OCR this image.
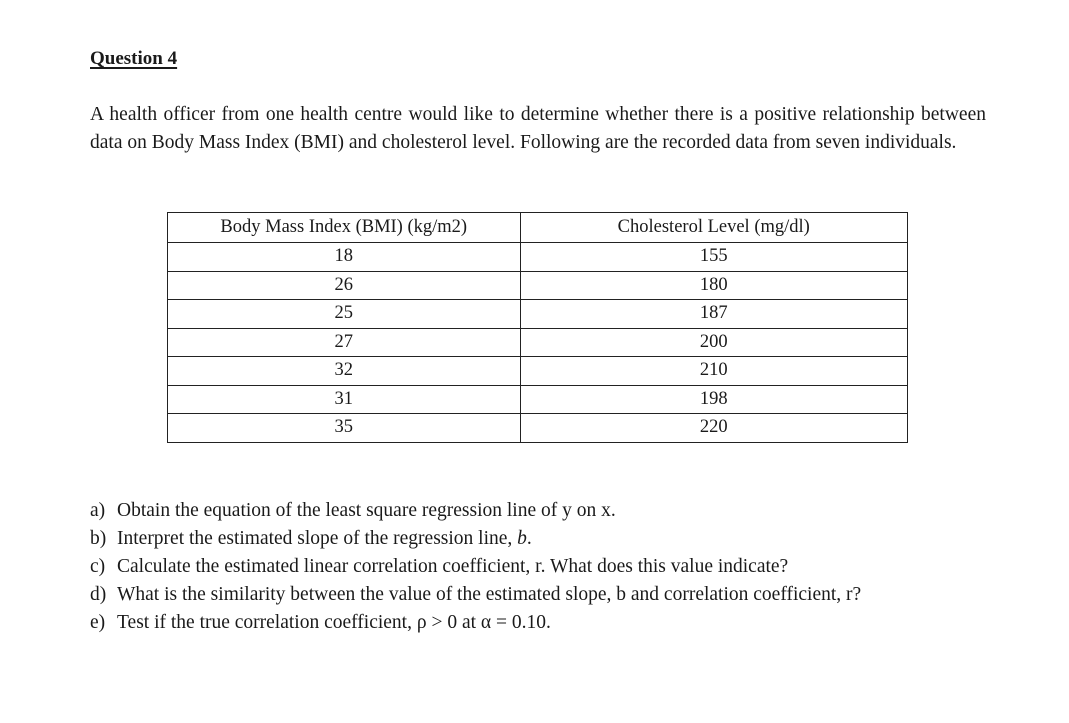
Question 4

A health officer from one health centre would like to determine whether there is a positive relationship between data on Body Mass Index (BMI) and cholesterol level. Following are the recorded data from seven individuals.

Body Mass Index (BMI) (kg/m2)	Cholesterol Level (mg/dl)
18	155
26	180
25	187
27	200
32	210
31	198
35	220
a) Obtain the equation of the least square regression line of y on x.
b) Interpret the estimated slope of the regression line, b.
c) Calculate the estimated linear correlation coefficient, r. What does this value indicate?
d) What is the similarity between the value of the estimated slope, b and correlation coefficient, r?
e) Test if the true correlation coefficient, ρ > 0 at α = 0.10.
